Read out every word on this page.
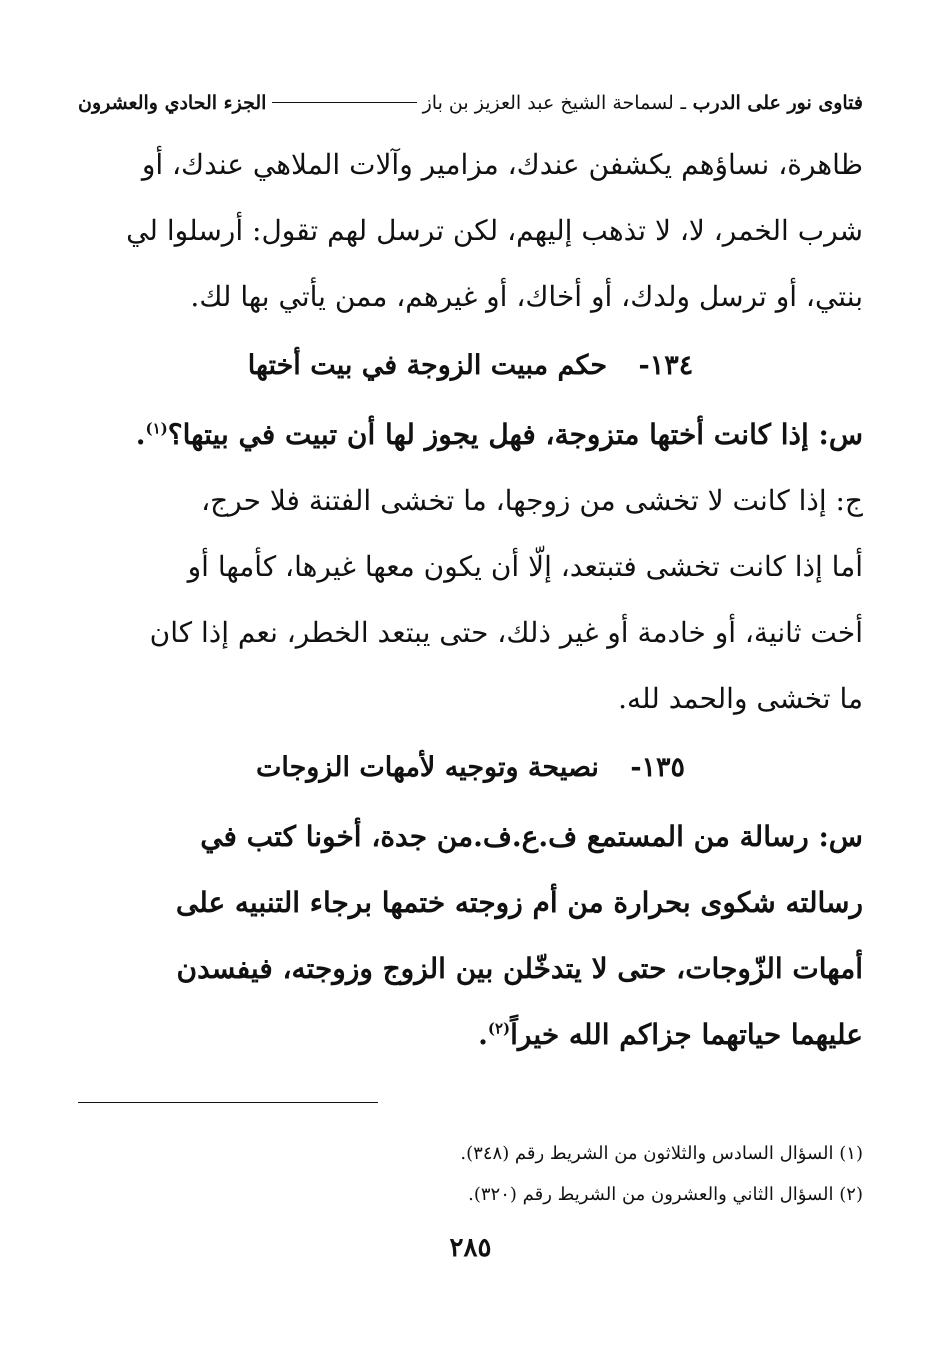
فتاوى نور على الدرب ـ لسماحة الشيخ عبد العزيز بن باز
الجزء الحادي والعشرون

ظاهرة، نساؤهم يكشفن عندك، مزامير وآلات الملاهي عندك، أو

شرب الخمر، لا، لا تذهب إليهم، لكن ترسل لهم تقول: أرسلوا لي

بنتي، أو ترسل ولدك، أو أخاك، أو غيرهم، ممن يأتي بها لك.

١٣٤- حكم مبيت الزوجة في بيت أختها

س: إذا كانت أختها متزوجة، فهل يجوز لها أن تبيت في بيتها؟$^{(١)}$.

ج: إذا كانت لا تخشى من زوجها، ما تخشى الفتنة فلا حرج،

أما إذا كانت تخشى فتبتعد، إلّا أن يكون معها غيرها، كأمها أو

أخت ثانية، أو خادمة أو غير ذلك، حتى يبتعد الخطر، نعم إذا كان

ما تخشى والحمد لله.

١٣٥- نصيحة وتوجيه لأمهات الزوجات

س: رسالة من المستمع ف.ع.ف.من جدة، أخونا كتب في

رسالته شكوى بحرارة من أم زوجته ختمها برجاء التنبيه على

أمهات الزّوجات، حتى لا يتدخّلن بين الزوج وزوجته، فيفسدن

عليهما حياتهما جزاكم الله خيراً$^{(٢)}$.

(١) السؤال السادس والثلاثون من الشريط رقم (٣٤٨).
(٢) السؤال الثاني والعشرون من الشريط رقم (٣٢٠).
٢٨٥
